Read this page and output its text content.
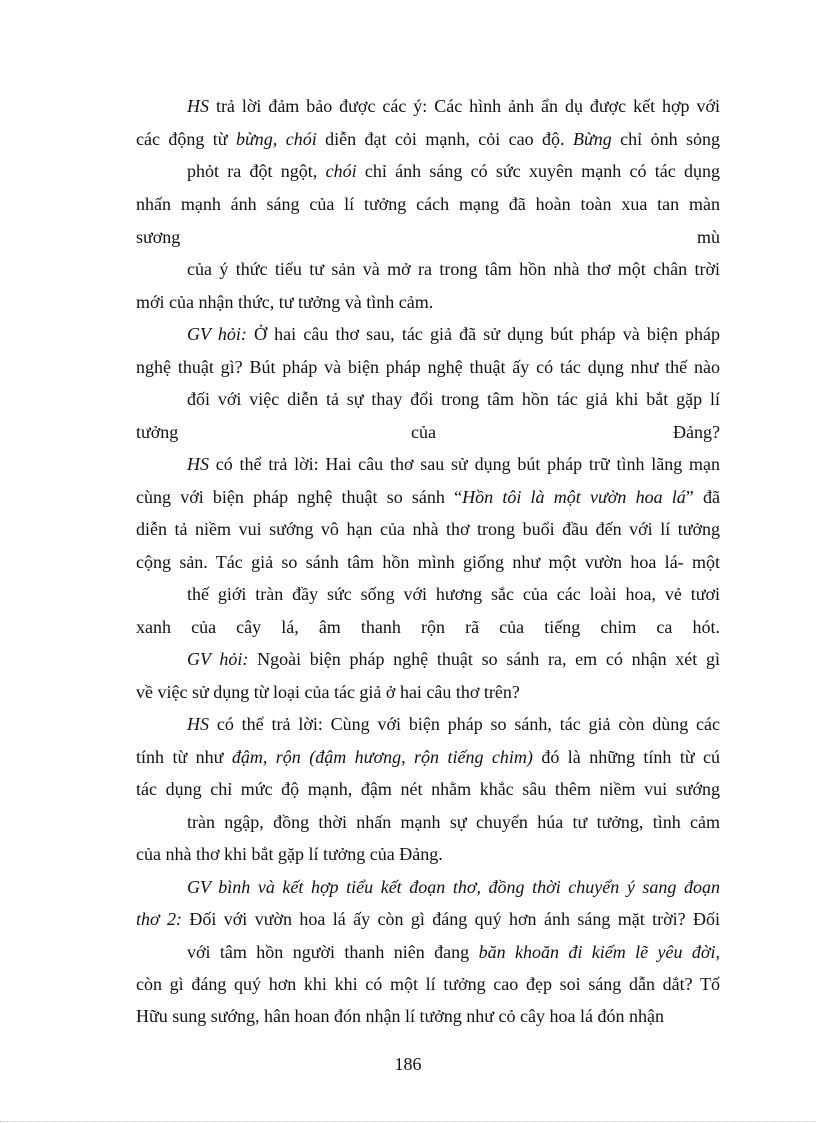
HS trả lời đảm bảo được các ý: Các hình ảnh ẩn dụ được kết hợp với
các động từ bừng, chói diễn đạt cỏi mạnh, cỏi cao độ. Bừng chỉ ỏnh sỏng
phỏt ra đột ngột, chói chỉ ánh sáng có sức xuyên mạnh có tác dụng
nhấn mạnh ánh sáng của lí tưởng cách mạng đã hoàn toàn xua tan màn
sương	mù
của ý thức tiểu tư sản và mở ra trong tâm hồn nhà thơ một chân trời
mới của nhận thức, tư tưởng và tình cảm.
GV hỏi: Ở hai câu thơ sau, tác giả đã sử dụng bút pháp và biện pháp
nghệ thuật gì? Bút pháp và biện pháp nghệ thuật ấy có tác dụng như thế nào
đối với việc diễn tả sự thay đổi trong tâm hồn tác giả khi bắt gặp lí
tưởng	của	Đảng?
HS có thể trả lời: Hai câu thơ sau sử dụng bút pháp trữ tình lãng mạn
cùng với biện pháp nghệ thuật so sánh “Hồn tôi là một vườn hoa lá” đã
diễn tả niềm vui sướng vô hạn của nhà thơ trong buổi đầu đến với lí tưởng
cộng sản. Tác giả so sánh tâm hồn mình giống như một vườn hoa lá- một
thế giới tràn đầy sức sống với hương sắc của các loài hoa, vẻ tươi
xanh của cây lá, âm thanh rộn rã của tiếng chim ca hót.
GV hỏi: Ngoài biện pháp nghệ thuật so sánh ra, em có nhận xét gì
về việc sử dụng từ loại của tác giả ở hai câu thơ trên?
HS có thể trả lời: Cùng với biện pháp so sánh, tác giả còn dùng các
tính từ như đậm, rộn (đậm hương, rộn tiếng chim) đó là những tính từ cú
tác dụng chỉ mức độ mạnh, đậm nét nhằm khắc sâu thêm niềm vui sướng
tràn ngập, đồng thời nhấn mạnh sự chuyển húa tư tưởng, tình cảm
của nhà thơ khi bắt gặp lí tưởng của Đảng.
GV bình và kết hợp tiểu kết đoạn thơ, đồng thời chuyển ý sang đoạn
thơ 2: Đối với vườn hoa lá ấy còn gì đáng quý hơn ánh sáng mặt trời? Đối
với tâm hồn người thanh niên đang băn khoăn đi kiếm lẽ yêu đời,
còn gì đáng quý hơn khi khi có một lí tưởng cao đẹp soi sáng dẫn dắt? Tố
Hữu sung sướng, hân hoan đón nhận lí tưởng như cỏ cây hoa lá đón nhận
186
